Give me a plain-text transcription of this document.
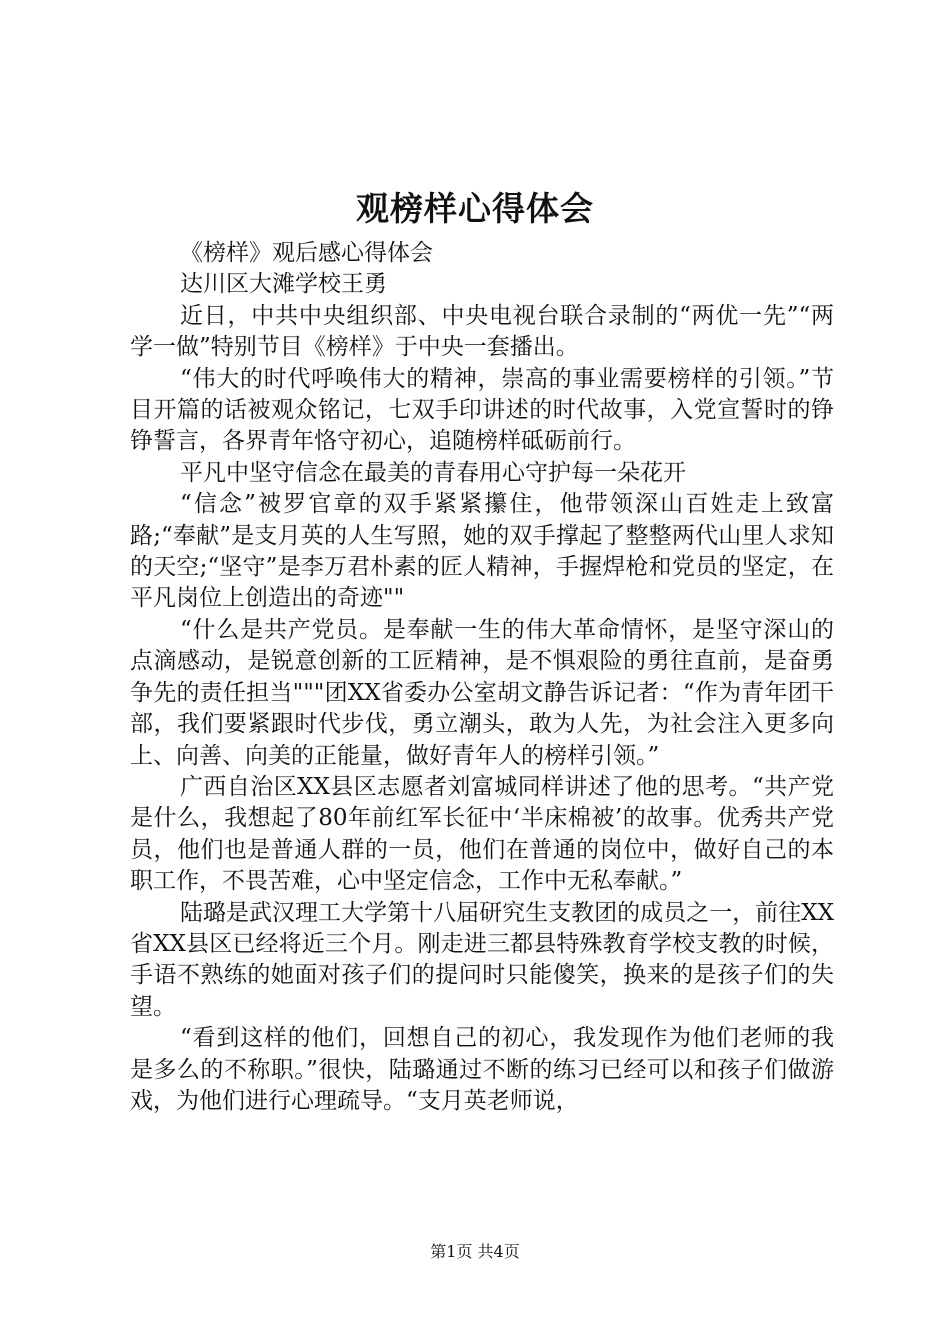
观榜样心得体会

《榜样》观后感心得体会

达川区大滩学校王勇

近日，中共中央组织部、中央电视台联合录制的“两优一先”“两学一做”特别节目《榜样》于中央一套播出。

“伟大的时代呼唤伟大的精神，崇高的事业需要榜样的引领。”节目开篇的话被观众铭记，七双手印讲述的时代故事，入党宣誓时的铮铮誓言，各界青年恪守初心，追随榜样砥砺前行。

平凡中坚守信念在最美的青春用心守护每一朵花开

“信念”被罗官章的双手紧紧攥住，他带领深山百姓走上致富路;“奉献”是支月英的人生写照，她的双手撑起了整整两代山里人求知的天空;“坚守”是李万君朴素的匠人精神，手握焊枪和党员的坚定，在平凡岗位上创造出的奇迹""

“什么是共产党员。是奉献一生的伟大革命情怀，是坚守深山的点滴感动，是锐意创新的工匠精神，是不惧艰险的勇往直前，是奋勇争先的责任担当"""团XX省委办公室胡文静告诉记者：“作为青年团干部，我们要紧跟时代步伐，勇立潮头，敢为人先，为社会注入更多向上、向善、向美的正能量，做好青年人的榜样引领。”

广西自治区XX县区志愿者刘富城同样讲述了他的思考。“共产党是什么，我想起了80年前红军长征中‘半床棉被’的故事。优秀共产党员，他们也是普通人群的一员，他们在普通的岗位中，做好自己的本职工作，不畏苦难，心中坚定信念，工作中无私奉献。”

陆璐是武汉理工大学第十八届研究生支教团的成员之一，前往XX省XX县区已经将近三个月。刚走进三都县特殊教育学校支教的时候，手语不熟练的她面对孩子们的提问时只能傻笑，换来的是孩子们的失望。

“看到这样的他们，回想自己的初心，我发现作为他们老师的我是多么的不称职。”很快，陆璐通过不断的练习已经可以和孩子们做游戏，为他们进行心理疏导。“支月英老师说，

第1页 共4页
